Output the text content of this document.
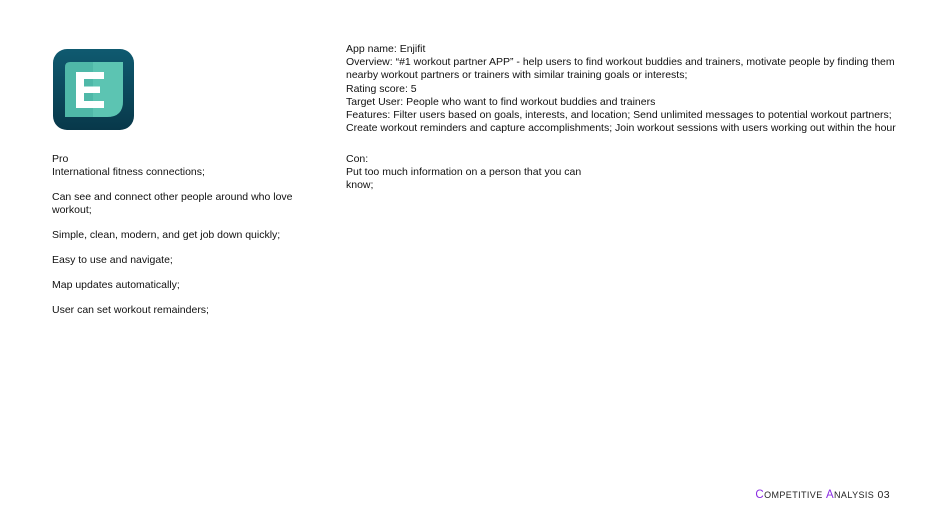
App name: Enjifit
Overview: “#1 workout partner APP” - help users to find workout buddies and trainers, motivate people by finding them nearby workout partners or trainers with similar training goals or interests;
Rating score: 5
Target User: People who want to find workout buddies and trainers
Features: Filter users based on goals, interests, and location; Send unlimited messages to potential workout partners; Create workout reminders and capture accomplishments; Join workout sessions with users working out within the hour
Pro
International fitness connections;
Can see and connect other people around who love workout;
Simple, clean, modern, and get job down quickly;
Easy to use and navigate;
Map updates automatically;
User can set workout remainders;
Con:
Put too much information on a person that you can know;
COMPETITIVE ANALYSIS 03
